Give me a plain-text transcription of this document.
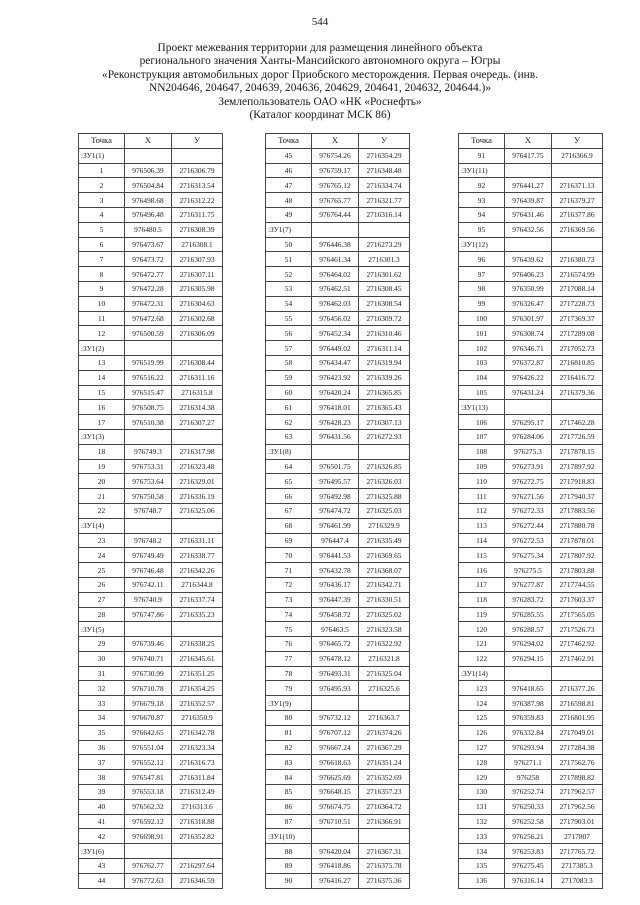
544
Проект межевания территории для размещения линейного объекта
регионального значения Ханты-Мансийского автономного округа – Югры
«Реконструкция автомобильных дорог Приобского месторождения. Первая очередь. (инв.
NN204646, 204647, 204639, 204636, 204629, 204641, 204632, 204644.)»
Землепользователь ОАО «НК «Роснефть»
(Каталог координат МСК 86)
Точка	X	У
:ЗУ1(1)		
1	976506.39	2716306.79
2	976504.84	2716313.54
3	976498.68	2716312.22
4	976496.48	2716311.75
5	976480.5	2716308.39
6	976473.67	2716308.1
7	976473.72	2716307.93
8	976472.77	2716307.11
9	976472.28	2716305.98
10	976472.31	2716304.63
11	976472.68	2716302.68
12	976500.59	2716306.09
:ЗУ1(2)		
13	976519.99	2716308.44
14	976516.22	2716311.16
15	976515.47	2716315.8
16	976508.75	2716314.38
17	976510.38	2716307.27
:ЗУ1(3)		
18	976749.3	2716317.98
19	976753.31	2716323.48
20	976753.64	2716329.01
21	976750.58	2716336.19
22	976748.7	2716325.06
:ЗУ1(4)		
23	976748.2	2716331.11
24	976749.49	2716338.77
25	976746.48	2716342.26
26	976742.11	2716344.8
27	976740.9	2716337.74
28	976747.86	2716335.23
:ЗУ1(5)		
29	976739.46	2716338.25
30	976740.71	2716345.61
31	976730.99	2716351.25
32	976710.78	2716354.25
33	976679.18	2716352.57
34	976670.87	2716350.9
35	976642.65	2716342.78
36	976551.04	2716323.34
37	976552.12	2716316.73
38	976547.81	2716311.84
39	976553.18	2716312.49
40	976562.32	2716313.6
41	976592.12	2716318.88
42	976698.91	2716352.82
:ЗУ1(6)		
43	976762.77	2716297.64
44	976772.63	2716346.59
Точка	X	У
45	976754.26	2716354.29
46	976759.17	2716348.48
47	976765.12	2716334.74
48	976765.77	2716321.77
49	976764.44	2716316.14
:ЗУ1(7)		
50	976446.38	2716273.29
51	976461.34	2716301.3
52	976464.02	2716301.62
53	976462.51	2716308.45
54	976462.03	2716308.54
55	976456.02	2716309.72
56	976452.34	2716310.46
57	976449.02	2716311.14
58	976434.47	2716319.94
59	976423.92	2716339.26
60	976420.24	2716365.85
61	976418.01	2716365.43
62	976428.23	2716307.13
63	976431.56	2716272.93
:ЗУ1(8)		
64	976501.75	2716326.85
65	976495.57	2716326.03
66	976492.98	2716325.88
67	976474.72	2716325.03
68	976461.99	2716329.9
69	976447.4	2716335.49
70	976441.53	2716369.65
71	976432.78	2716368.07
72	976436.17	2716342.71
73	976447.39	2716330.51
74	976458.72	2716325.02
75	976463.5	2716323.58
76	976465.72	2716322.92
77	976478.12	2716321.8
78	976493.31	2716325.04
79	976495.93	2716325.6
:ЗУ1(9)		
80	976732.12	2716363.7
81	976707.12	2716374.26
82	976667.24	2716367.29
83	976618.63	2716351.24
84	976625.69	2716352.69
85	976648.15	2716357.23
86	976674.75	2716364.72
87	976710.51	2716366.91
:ЗУ1(10)		
88	976420.04	2716367.31
89	976418.86	2716375.78
90	976416.27	2716375.36
Точка	X	У
91	976417.75	2716366.9
:ЗУ1(11)		
92	976441.27	2716371.13
93	976439.87	2716379.27
94	976431.46	2716377.86
95	976432.56	2716369.56
:ЗУ1(12)		
96	976439.62	2716380.73
97	976406.23	2716574.99
98	976350.99	2717088.14
99	976326.47	2717228.73
100	976301.97	2717369.37
101	976308.74	2717289.08
102	976346.71	2717052.73
103	976372.87	2716810.85
104	976426.22	2716416.72
105	976431.24	2716379.36
:ЗУ1(13)		
106	976295.17	2717462.28
107	976284.06	2717726.59
108	976275.3	2717878.15
109	976273.91	2717897.92
110	976272.75	2717918.83
111	976271.56	2717940.37
112	976272.33	2717883.56
113	976272.44	2717880.78
114	976272.53	2717878.01
115	976275.34	2717807.92
116	976275.5	2717803.88
117	976277.87	2717744.55
118	976283.72	2717603.37
119	976285.55	2717565.05
120	976288.57	2717526.73
121	976294.02	2717462.92
122	976294.15	2717462.91
:ЗУ1(14)		
123	976418.65	2716377.26
124	976387.98	2716598.81
125	976359.83	2716801.95
126	976332.84	2717049.01
127	976293.94	2717284.38
128	976271.1	2717562.76
129	976258	2717898.82
130	976252.74	2717962.57
131	976250.33	2717962.56
132	976252.58	2717903.01
133	976256.21	2717807
134	976253.83	2717765.72
135	976275.45	2717385.3
136	976316.14	2717083.3
